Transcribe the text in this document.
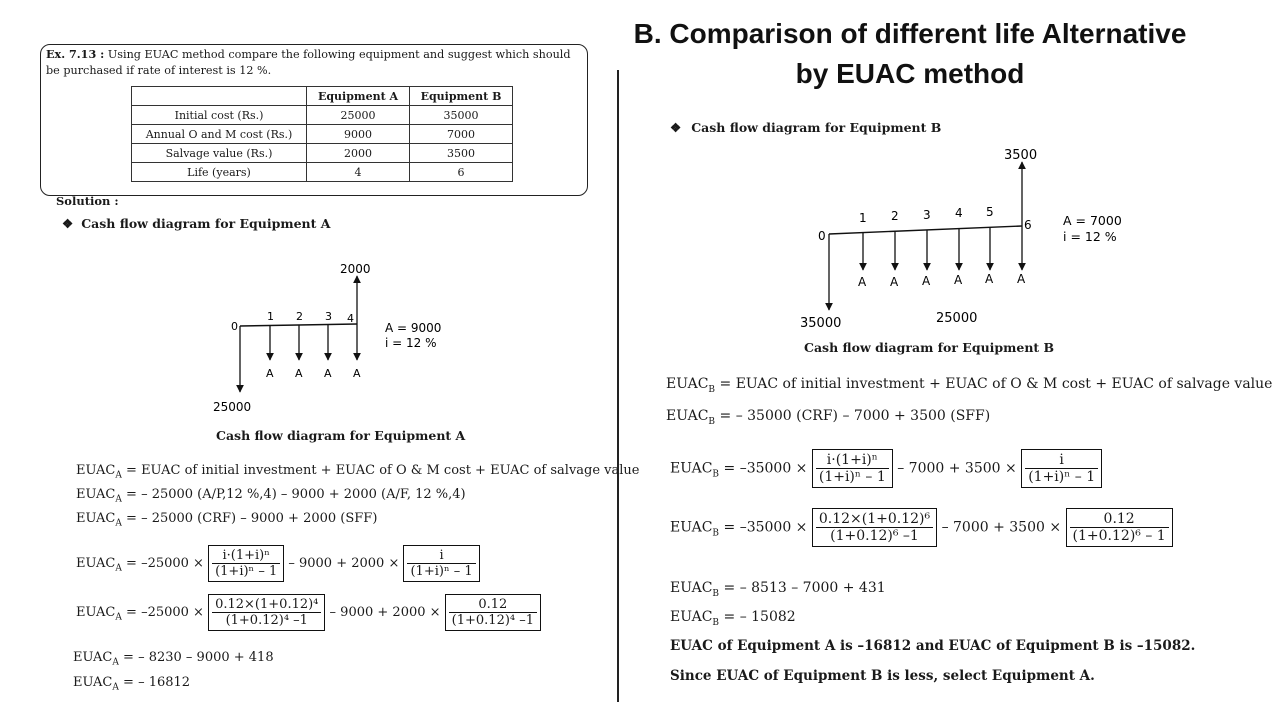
B. Comparison of different life Alternative
by EUAC method
Ex. 7.13 : Using EUAC method compare the following equipment and suggest which should be purchased if rate of interest is 12 %.
	Equipment A	Equipment B
Initial cost (Rs.)	25000	35000
Annual O and M cost (Rs.)	9000	7000
Salvage value (Rs.)	2000	3500
Life (years)	4	6
Solution :
❖ Cash flow diagram for Equipment A
2000
25000
0
1 2 3 4
A A A A
A = 9000
i = 12 %
Cash flow diagram for Equipment A
$EUAC_A$ = EUAC of initial investment + EUAC of O & M cost + EUAC of salvage value
$EUAC_A$ = – 25000 (A/P,12 %,4) – 9000 + 2000 (A/F, 12 %,4)
$EUAC_A$ = – 25000 (CRF) – 9000 + 2000 (SFF)
$EUAC_A = -25000 \times \frac{\text{i·(1+i)ⁿ}}{\text{(1+i)ⁿ – 1}} - 9000 + 2000 \times \frac{i}{\text{(1+i)ⁿ – 1}}$
$EUAC_A = -25000 \times \frac{\text{0.12×(1+0.12)⁴}}{\text{(1+0.12)⁴ –1}} - 9000 + 2000 \times \frac{0.12}{\text{(1+0.12)⁴ –1}}$
$EUAC_A$ = – 8230 – 9000 + 418
$EUAC_A$ = – 16812
❖ Cash flow diagram for Equipment B
3500
35000	25000
0
1 2 3 4 5
6
A A A A A A
A = 7000
i = 12 %
Cash flow diagram for Equipment B
$EUAC_B$ = EUAC of initial investment + EUAC of O & M cost + EUAC of salvage value
$EUAC_B$ = – 35000 (CRF) – 7000 + 3500 (SFF)
$EUAC_B = -35000 \times \frac{\text{i·(1+i)ⁿ}}{\text{(1+i)ⁿ – 1}} - 7000 + 3500 \times \frac{i}{\text{(1+i)ⁿ – 1}}$
$EUAC_B = -35000 \times \frac{\text{0.12×(1+0.12)⁶}}{\text{(1+0.12)⁶ –1}} - 7000 + 3500 \times \frac{0.12}{\text{(1+0.12)⁶ – 1}}$
$EUAC_B$ = – 8513 – 7000 + 431
$EUAC_B$ = – 15082
EUAC of Equipment A is –16812 and EUAC of Equipment B is –15082.
Since EUAC of Equipment B is less, select Equipment A.
